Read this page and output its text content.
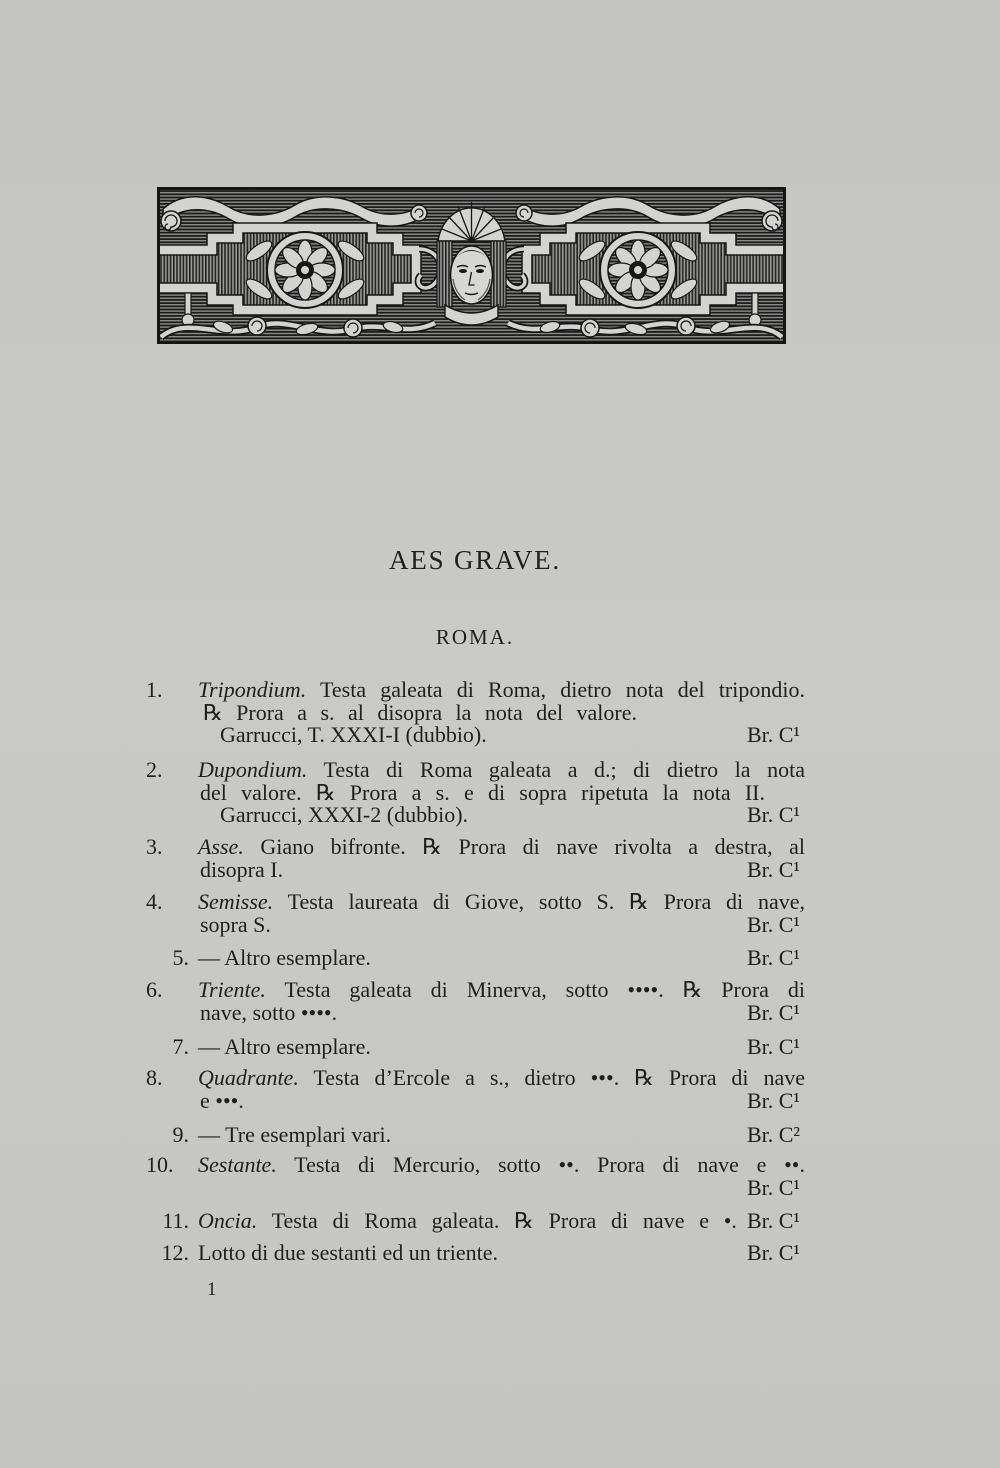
AES GRAVE.
ROMA.
1.	Tripondium. Testa galeata di Roma, dietro nota del tripondio.
℞ Prora a s. al disopra la nota del valore.
Garrucci, T. XXXI-I (dubbio).	Br. C¹
2.	Dupondium. Testa di Roma galeata a d.; di dietro la nota
del valore. ℞ Prora a s. e di sopra ripetuta la nota II.
Garrucci, XXXI-2 (dubbio).	Br. C¹
3.	Asse. Giano bifronte. ℞ Prora di nave rivolta a destra, al
disopra I.	Br. C¹
4.	Semisse. Testa laureata di Giove, sotto S. ℞ Prora di nave,
sopra S.	Br. C¹
5. — Altro esemplare.	Br. C¹
6.	Triente. Testa galeata di Minerva, sotto ••••. ℞ Prora di
nave, sotto ••••.	Br. C¹
7. — Altro esemplare.	Br. C¹
8.	Quadrante. Testa d’Ercole a s., dietro •••. ℞ Prora di nave
e •••.	Br. C¹
9. — Tre esemplari vari.	Br. C²
10.	Sestante. Testa di Mercurio, sotto ••. Prora di nave e ••.
Br. C¹
11. Oncia. Testa di Roma galeata. ℞ Prora di nave e •. Br. C¹
12. Lotto di due sestanti ed un triente.	Br. C¹
1
